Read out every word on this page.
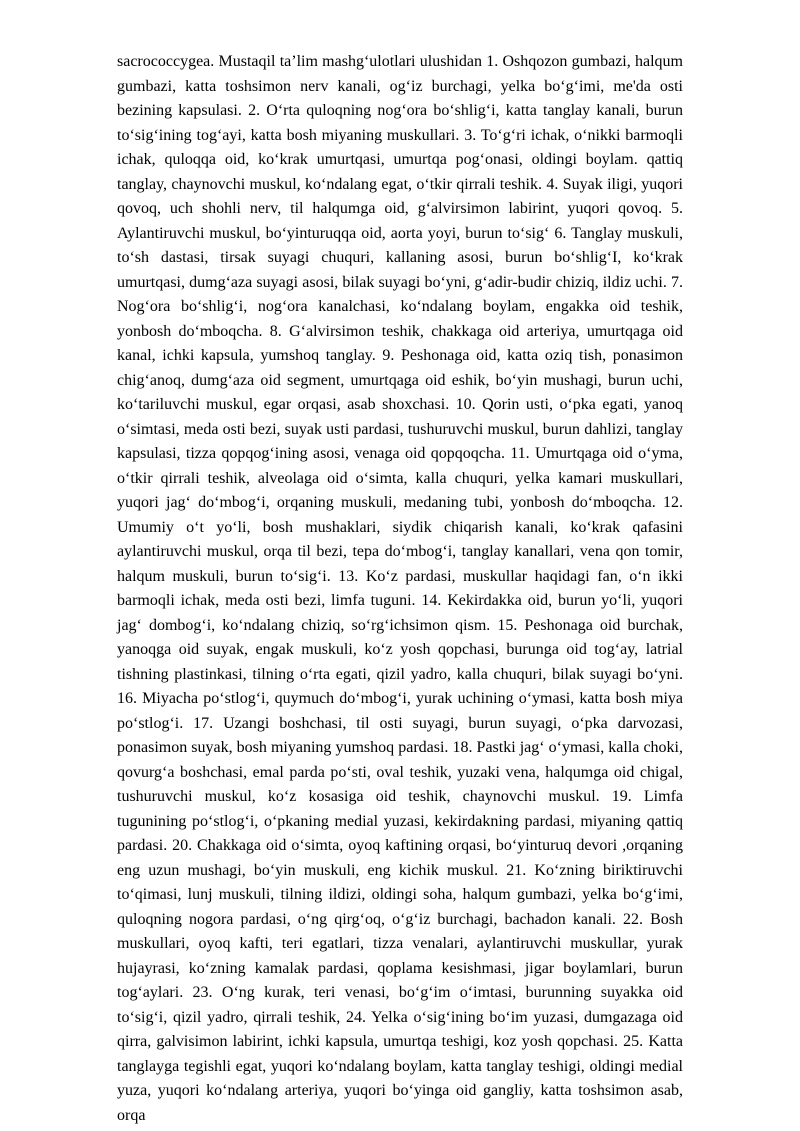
sacrococcygea. Mustaqil ta’lim mashg‘ulotlari ulushidan 1. Oshqozon gumbazi, halqum gumbazi, katta toshsimon nerv kanali, og‘iz burchagi, yelka bo‘g‘imi, me'da osti bezining kapsulasi. 2. O‘rta quloqning nog‘ora bo‘shlig‘i, katta tanglay kanali, burun to‘sig‘ining tog‘ayi, katta bosh miyaning muskullari. 3. To‘g‘ri ichak, o‘nikki barmoqli ichak, quloqqa oid, ko‘krak umurtqasi, umurtqa pog‘onasi, oldingi boylam. qattiq tanglay, chaynovchi muskul, ko‘ndalang egat, o‘tkir qirrali teshik. 4. Suyak iligi, yuqori qovoq, uch shohli nerv, til halqumga oid, g‘alvirsimon labirint, yuqori qovoq. 5. Aylantiruvchi muskul, bo‘yinturuqqa oid, aorta yoyi, burun to‘sig‘ 6. Tanglay muskuli, to‘sh dastasi, tirsak suyagi chuquri, kallaning asosi, burun bo‘shlig‘I, ko‘krak umurtqasi, dumg‘aza suyagi asosi, bilak suyagi bo‘yni, g‘adir-budir chiziq, ildiz uchi. 7. Nog‘ora bo‘shlig‘i, nog‘ora kanalchasi, ko‘ndalang boylam, engakka oid teshik, yonbosh do‘mboqcha. 8. G‘alvirsimon teshik, chakkaga oid arteriya, umurtqaga oid kanal, ichki kapsula, yumshoq tanglay. 9. Peshonaga oid, katta oziq tish, ponasimon chig‘anoq, dumg‘aza oid segment, umurtqaga oid eshik, bo‘yin mushagi, burun uchi, ko‘tariluvchi muskul, egar orqasi, asab shoxchasi. 10. Qorin usti, o‘pka egati, yanoq o‘simtasi, meda osti bezi, suyak usti pardasi, tushuruvchi muskul, burun dahlizi, tanglay kapsulasi, tizza qopqog‘ining asosi, venaga oid qopqoqcha. 11. Umurtqaga oid o‘yma, o‘tkir qirrali teshik, alveolaga oid o‘simta, kalla chuquri, yelka kamari muskullari, yuqori jag‘ do‘mbog‘i, orqaning muskuli, medaning tubi, yonbosh do‘mboqcha. 12. Umumiy o‘t yo‘li, bosh mushaklari, siydik chiqarish kanali, ko‘krak qafasini aylantiruvchi muskul, orqa til bezi, tepa do‘mbog‘i, tanglay kanallari, vena qon tomir, halqum muskuli, burun to‘sig‘i. 13. Ko‘z pardasi, muskullar haqidagi fan, o‘n ikki barmoqli ichak, meda osti bezi, limfa tuguni. 14. Kekirdakka oid, burun yo‘li, yuqori jag‘ dombog‘i, ko‘ndalang chiziq, so‘rg‘ichsimon qism. 15. Peshonaga oid burchak, yanoqga oid suyak, engak muskuli, ko‘z yosh qopchasi, burunga oid tog‘ay, latrial tishning plastinkasi, tilning o‘rta egati, qizil yadro, kalla chuquri, bilak suyagi bo‘yni. 16. Miyacha po‘stlog‘i, quymuch do‘mbog‘i, yurak uchining o‘ymasi, katta bosh miya po‘stlog‘i. 17. Uzangi boshchasi, til osti suyagi, burun suyagi, o‘pka darvozasi, ponasimon suyak, bosh miyaning yumshoq pardasi. 18. Pastki jag‘ o‘ymasi, kalla choki, qovurg‘a boshchasi, emal parda po‘sti, oval teshik, yuzaki vena, halqumga oid chigal, tushuruvchi muskul, ko‘z kosasiga oid teshik, chaynovchi muskul. 19. Limfa tugunining po‘stlog‘i, o‘pkaning medial yuzasi, kekirdakning pardasi, miyaning qattiq pardasi. 20. Chakkaga oid o‘simta, oyoq kaftining orqasi, bo‘yinturuq devori ,orqaning eng uzun mushagi, bo‘yin muskuli, eng kichik muskul. 21. Ko‘zning biriktiruvchi to‘qimasi, lunj muskuli, tilning ildizi, oldingi soha, halqum gumbazi, yelka bo‘g‘imi, quloqning nogora pardasi, o‘ng qirg‘oq, o‘g‘iz burchagi, bachadon kanali. 22. Bosh muskullari, oyoq kafti, teri egatlari, tizza venalari, aylantiruvchi muskullar, yurak hujayrasi, ko‘zning kamalak pardasi, qoplama kesishmasi, jigar boylamlari, burun tog‘aylari. 23. O‘ng kurak, teri venasi, bo‘g‘im o‘imtasi, burunning suyakka oid to‘sig‘i, qizil yadro, qirrali teshik, 24. Yelka o‘sig‘ining bo‘im yuzasi, dumgazaga oid qirra, galvisimon labirint, ichki kapsula, umurtqa teshigi, koz yosh qopchasi. 25. Katta tanglayga tegishli egat, yuqori ko‘ndalang boylam, katta tanglay teshigi, oldingi medial yuza, yuqori ko‘ndalang arteriya, yuqori bo‘yinga oid gangliy, katta toshsimon asab, orqa
